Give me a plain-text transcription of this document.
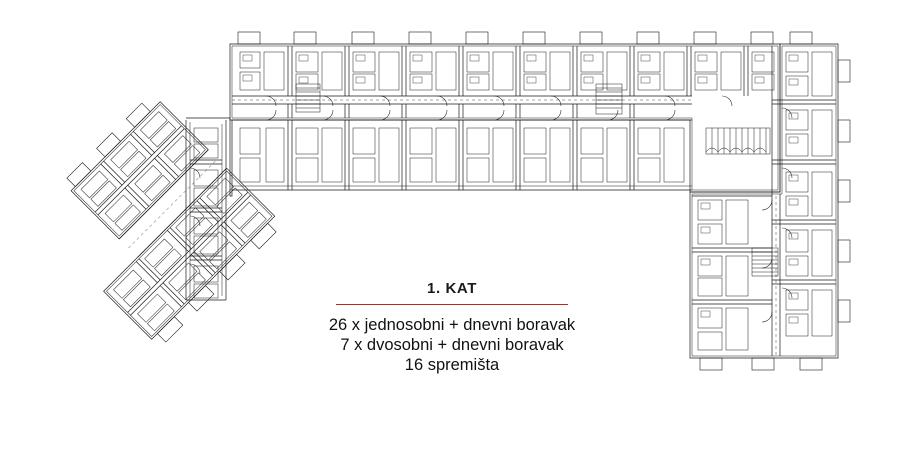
1. KAT

26 x jednosobni + dnevni boravak

7 x dvosobni + dnevni boravak

16 spremišta
